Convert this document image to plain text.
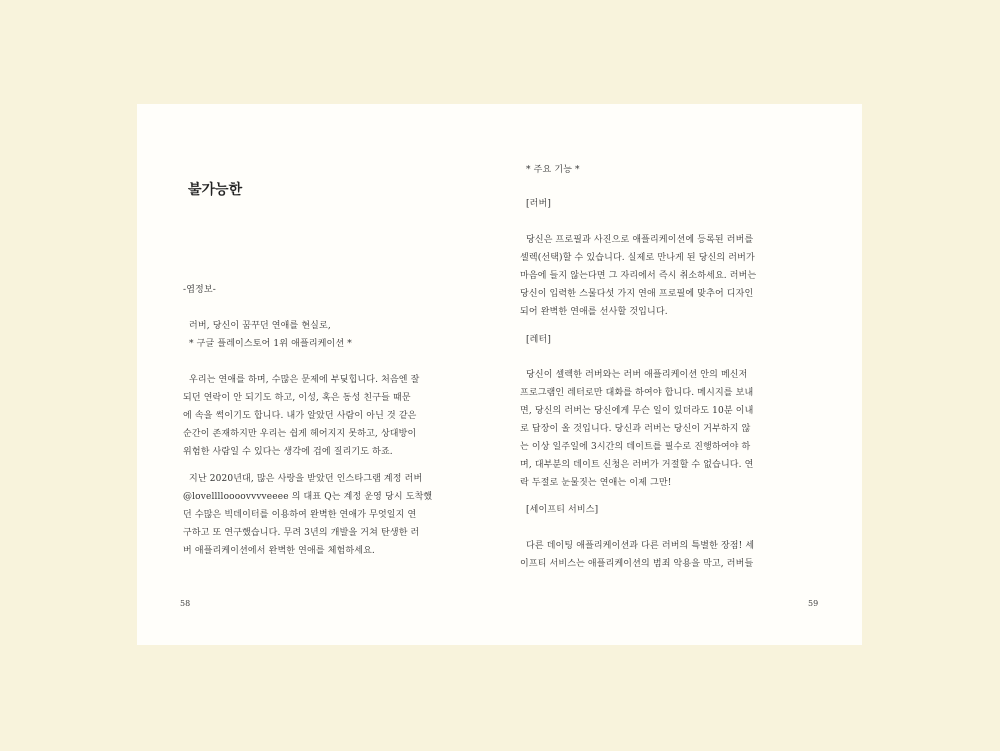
불가능한

-엽정보-

러버, 당신이 꿈꾸던 연애를 현실로,

* 구글 플레이스토어 1위 애플리케이션 *

우리는 연애를 하며, 수많은 문제에 부딪힙니다. 처음엔 잘

되던 연락이 안 되기도 하고, 이성, 혹은 동성 친구들 때문

에 속을 썩이기도 합니다. 내가 알았던 사람이 아닌 것 같은

순간이 존재하지만 우리는 쉽게 헤어지지 못하고, 상대방이

위험한 사람일 수 있다는 생각에 겁에 질리기도 하죠.

지난 2020년대, 많은 사랑을 받았던 인스타그램 계정 러버

@lovelllloooovvvveeee 의 대표 Q는 계정 운영 당시 도착했

던 수많은 빅데이터를 이용하여 완벽한 연애가 무엇일지 연

구하고 또 연구했습니다. 무려 3년의 개발을 거쳐 탄생한 러

버 애플리케이션에서 완벽한 연애를 체험하세요.

58

* 주요 기능 *

[러버]

당신은 프로필과 사진으로 애플리케이션에 등록된 러버를

셀렉(선택)할 수 있습니다. 실제로 만나게 된 당신의 러버가

마음에 들지 않는다면 그 자리에서 즉시 취소하세요. 러버는

당신이 입력한 스물다섯 가지 연애 프로필에 맞추어 디자인

되어 완벽한 연애를 선사할 것입니다.

[레터]

당신이 셀렉한 러버와는 러버 애플리케이션 안의 메신저

프로그램인 레터로만 대화를 하여야 합니다. 메시지를 보내

면, 당신의 러버는 당신에게 무슨 일이 있더라도 10분 이내

로 답장이 올 것입니다. 당신과 러버는 당신이 거부하지 않

는 이상 일주일에 3시간의 데이트를 필수로 진행하여야 하

며, 대부분의 데이트 신청은 러버가 거절할 수 없습니다. 연

락 두절로 눈물짓는 연애는 이제 그만!

[세이프티 서비스]

다른 데이팅 애플리케이션과 다른 러버의 특별한 장점! 세

이프티 서비스는 애플리케이션의 범죄 악용을 막고, 러버들

59
